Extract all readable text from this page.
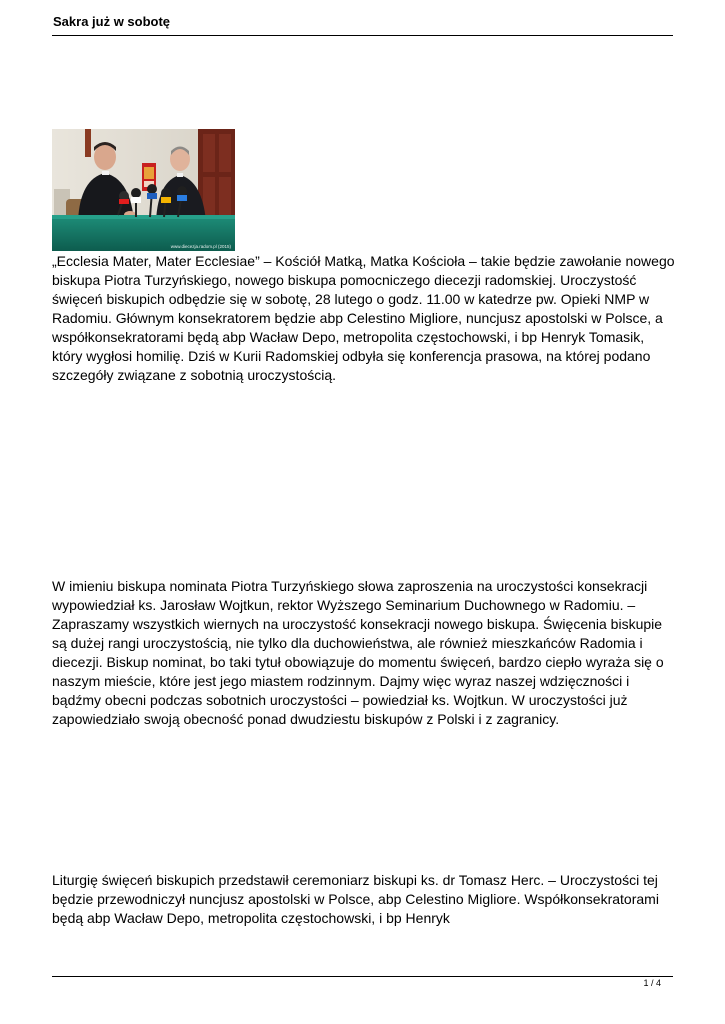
Sakra już w sobotę
www.diecezja.radom.pl (2015)

„Ecclesia Mater, Mater Ecclesiae” – Kościół Matką, Matka Kościoła – takie będzie zawołanie nowego biskupa Piotra Turzyńskiego, nowego biskupa pomocniczego diecezji radomskiej. Uroczystość święceń biskupich odbędzie się w sobotę, 28 lutego o godz. 11.00 w katedrze pw. Opieki NMP w Radomiu. Głównym konsekratorem będzie abp Celestino Migliore, nuncjusz apostolski w Polsce, a współkonsekratorami będą abp Wacław Depo, metropolita częstochowski, i bp Henryk Tomasik, który wygłosi homilię. Dziś w Kurii Radomskiej odbyła się konferencja prasowa, na której podano szczegóły związane z sobotnią uroczystością.

W imieniu biskupa nominata Piotra Turzyńskiego słowa zaproszenia na uroczystości konsekracji wypowiedział ks. Jarosław Wojtkun, rektor Wyższego Seminarium Duchownego w Radomiu. – Zapraszamy wszystkich wiernych na uroczystość konsekracji nowego biskupa. Święcenia biskupie są dużej rangi uroczystością, nie tylko dla duchowieństwa, ale również mieszkańców Radomia i diecezji. Biskup nominat, bo taki tytuł obowiązuje do momentu święceń, bardzo ciepło wyraża się o naszym mieście, które jest jego miastem rodzinnym. Dajmy więc wyraz naszej wdzięczności i bądźmy obecni podczas sobotnich uroczystości – powiedział ks. Wojtkun. W uroczystości już zapowiedziało swoją obecność ponad dwudziestu biskupów z Polski i z zagranicy.

Liturgię święceń biskupich przedstawił ceremoniarz biskupi ks. dr Tomasz Herc. – Uroczystości tej będzie przewodniczył nuncjusz apostolski w Polsce, abp Celestino Migliore. Współkonsekratorami będą abp Wacław Depo, metropolita częstochowski, i bp Henryk

1 / 4
